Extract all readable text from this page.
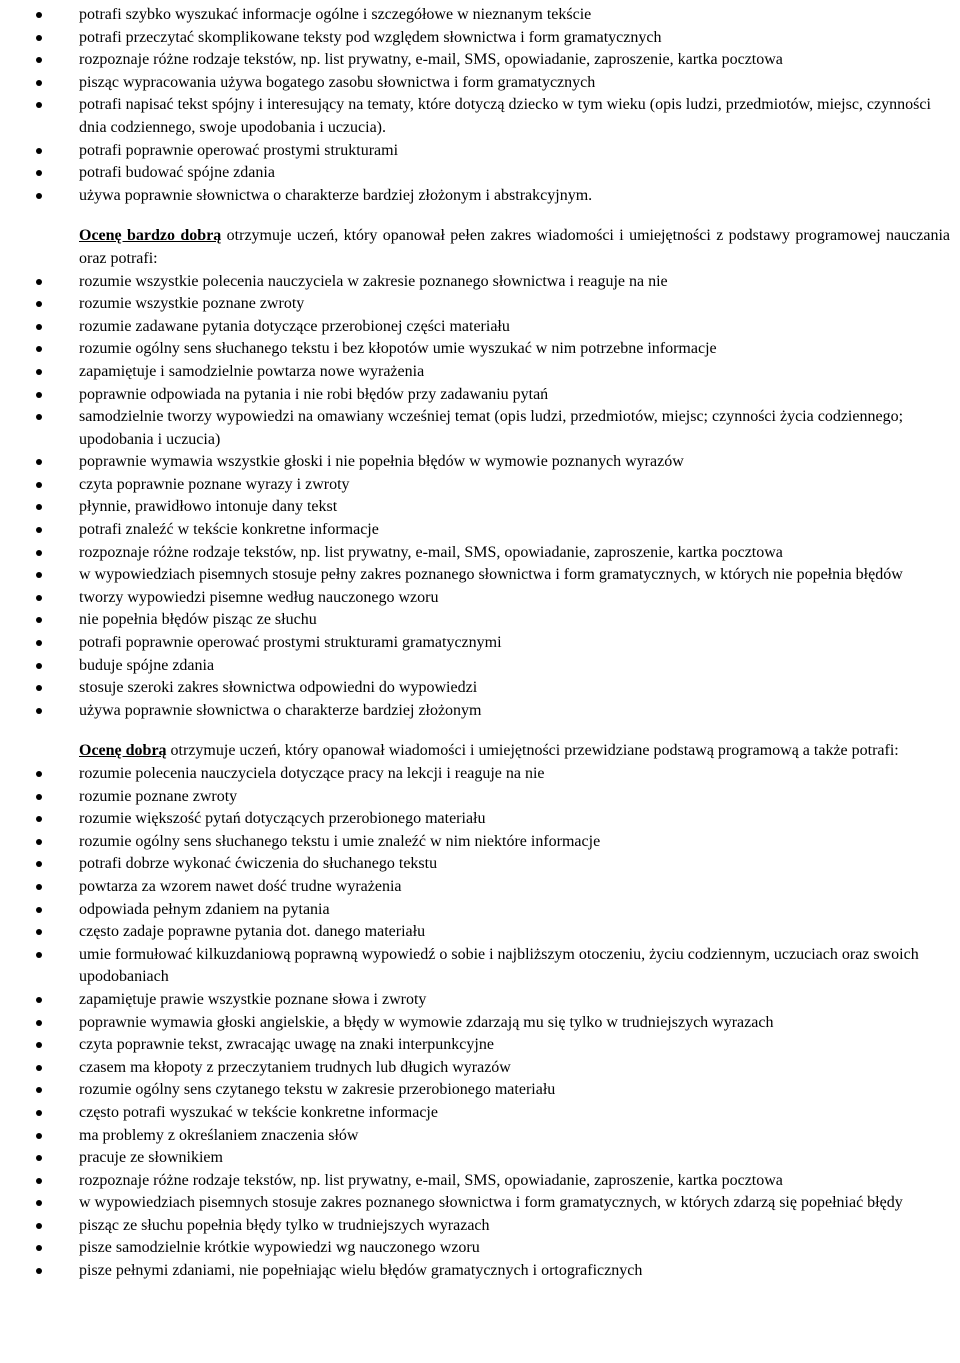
potrafi szybko wyszukać informacje ogólne i szczegółowe w nieznanym tekście
potrafi przeczytać skomplikowane teksty pod względem słownictwa i form gramatycznych
rozpoznaje różne rodzaje tekstów, np. list prywatny, e-mail, SMS, opowiadanie, zaproszenie, kartka pocztowa
pisząc wypracowania używa bogatego zasobu słownictwa i form gramatycznych
potrafi napisać tekst spójny i interesujący na tematy, które dotyczą dziecko w tym wieku (opis ludzi, przedmiotów, miejsc, czynności dnia codziennego, swoje upodobania i uczucia).
potrafi poprawnie operować prostymi strukturami
potrafi budować spójne zdania
używa poprawnie słownictwa o charakterze bardziej złożonym i abstrakcyjnym.

Ocenę bardzo dobrą otrzymuje uczeń, który opanował pełen zakres wiadomości i umiejętności z podstawy programowej nauczania oraz potrafi:

rozumie wszystkie polecenia nauczyciela w zakresie poznanego słownictwa i reaguje na nie
rozumie wszystkie poznane zwroty
rozumie zadawane pytania dotyczące przerobionej części materiału
rozumie ogólny sens słuchanego tekstu i bez kłopotów umie wyszukać w nim potrzebne informacje
zapamiętuje i samodzielnie powtarza nowe wyrażenia
poprawnie odpowiada na pytania i nie robi błędów przy zadawaniu pytań
samodzielnie tworzy wypowiedzi na omawiany wcześniej temat (opis ludzi, przedmiotów, miejsc; czynności życia codziennego; upodobania i uczucia)
poprawnie wymawia wszystkie głoski i nie popełnia błędów w wymowie poznanych wyrazów
czyta poprawnie poznane wyrazy i zwroty
płynnie, prawidłowo intonuje dany tekst
potrafi znaleźć w tekście konkretne informacje
rozpoznaje różne rodzaje tekstów, np. list prywatny, e-mail, SMS, opowiadanie, zaproszenie, kartka pocztowa
w wypowiedziach pisemnych stosuje pełny zakres poznanego słownictwa i form gramatycznych, w których nie popełnia błędów
tworzy wypowiedzi pisemne według nauczonego wzoru
nie popełnia błędów pisząc ze słuchu
potrafi poprawnie operować prostymi strukturami gramatycznymi
buduje spójne zdania
stosuje szeroki zakres słownictwa odpowiedni do wypowiedzi
używa poprawnie słownictwa o charakterze bardziej złożonym

Ocenę dobrą otrzymuje uczeń, który opanował wiadomości i umiejętności przewidziane podstawą programową a także potrafi:

rozumie polecenia nauczyciela dotyczące pracy na lekcji i reaguje na nie
rozumie poznane zwroty
rozumie większość pytań dotyczących przerobionego materiału
rozumie ogólny sens słuchanego tekstu i umie znaleźć w nim niektóre informacje
potrafi dobrze wykonać ćwiczenia do słuchanego tekstu
powtarza za wzorem nawet dość trudne wyrażenia
odpowiada pełnym zdaniem na pytania
często zadaje poprawne pytania dot. danego materiału
umie formułować kilkuzdaniową poprawną wypowiedź o sobie i najbliższym otoczeniu, życiu codziennym, uczuciach oraz swoich upodobaniach
zapamiętuje prawie wszystkie poznane słowa i zwroty
poprawnie wymawia głoski angielskie, a błędy w wymowie zdarzają mu się tylko w trudniejszych wyrazach
czyta poprawnie tekst, zwracając uwagę na znaki interpunkcyjne
czasem ma kłopoty z przeczytaniem trudnych lub długich wyrazów
rozumie ogólny sens czytanego tekstu w zakresie przerobionego materiału
często potrafi wyszukać w tekście konkretne informacje
ma problemy z określaniem znaczenia słów
pracuje ze słownikiem
rozpoznaje różne rodzaje tekstów, np. list prywatny, e-mail, SMS, opowiadanie, zaproszenie, kartka pocztowa
w wypowiedziach pisemnych stosuje zakres poznanego słownictwa i form gramatycznych, w których zdarzą się popełniać błędy
pisząc ze słuchu popełnia błędy tylko w trudniejszych wyrazach
pisze samodzielnie krótkie wypowiedzi wg nauczonego wzoru
pisze pełnymi zdaniami, nie popełniając wielu błędów gramatycznych i ortograficznych
